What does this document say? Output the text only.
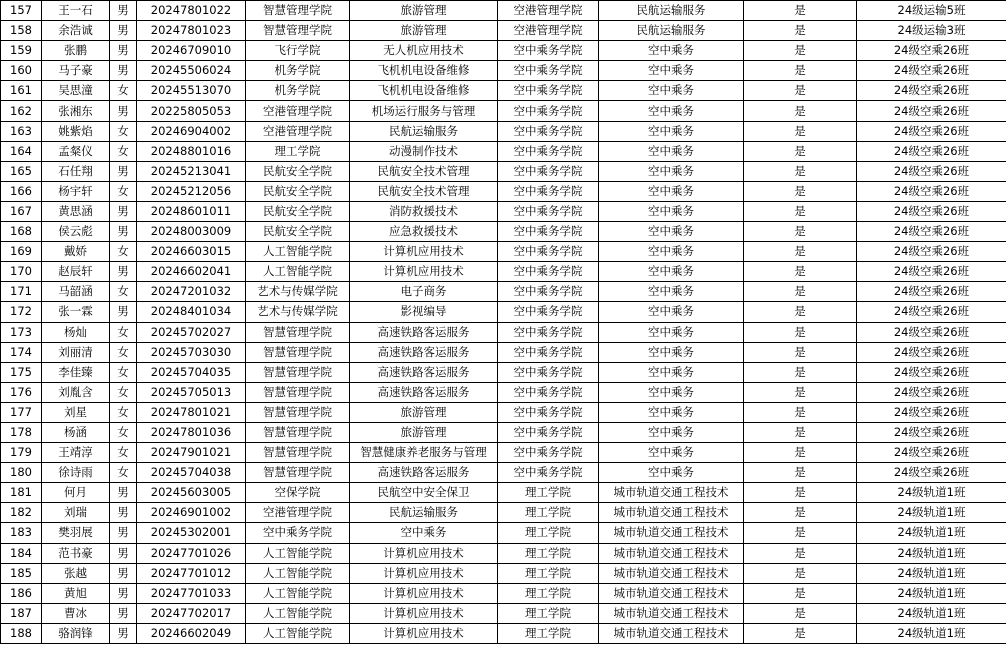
157	王一石	男	20247801022	智慧管理学院	旅游管理	空港管理学院	民航运输服务	是	24级运输5班
158	余浩诚	男	20247801023	智慧管理学院	旅游管理	空港管理学院	民航运输服务	是	24级运输3班
159	张鹏	男	20246709010	飞行学院	无人机应用技术	空中乘务学院	空中乘务	是	24级空乘26班
160	马子豪	男	20245506024	机务学院	飞机机电设备维修	空中乘务学院	空中乘务	是	24级空乘26班
161	吴思潼	女	20245513070	机务学院	飞机机电设备维修	空中乘务学院	空中乘务	是	24级空乘26班
162	张湘东	男	20225805053	空港管理学院	机场运行服务与管理	空中乘务学院	空中乘务	是	24级空乘26班
163	姚紫焰	女	20246904002	空港管理学院	民航运输服务	空中乘务学院	空中乘务	是	24级空乘26班
164	孟粲仪	女	20248801016	理工学院	动漫制作技术	空中乘务学院	空中乘务	是	24级空乘26班
165	石任翔	男	20245213041	民航安全学院	民航安全技术管理	空中乘务学院	空中乘务	是	24级空乘26班
166	杨宇轩	女	20245212056	民航安全学院	民航安全技术管理	空中乘务学院	空中乘务	是	24级空乘26班
167	黄思涵	男	20248601011	民航安全学院	消防救援技术	空中乘务学院	空中乘务	是	24级空乘26班
168	侯云彪	男	20248003009	民航安全学院	应急救援技术	空中乘务学院	空中乘务	是	24级空乘26班
169	戴娇	女	20246603015	人工智能学院	计算机应用技术	空中乘务学院	空中乘务	是	24级空乘26班
170	赵辰轩	男	20246602041	人工智能学院	计算机应用技术	空中乘务学院	空中乘务	是	24级空乘26班
171	马韶涵	女	20247201032	艺术与传媒学院	电子商务	空中乘务学院	空中乘务	是	24级空乘26班
172	张一霖	男	20248401034	艺术与传媒学院	影视编导	空中乘务学院	空中乘务	是	24级空乘26班
173	杨灿	女	20245702027	智慧管理学院	高速铁路客运服务	空中乘务学院	空中乘务	是	24级空乘26班
174	刘丽清	女	20245703030	智慧管理学院	高速铁路客运服务	空中乘务学院	空中乘务	是	24级空乘26班
175	李佳臻	女	20245704035	智慧管理学院	高速铁路客运服务	空中乘务学院	空中乘务	是	24级空乘26班
176	刘胤含	女	20245705013	智慧管理学院	高速铁路客运服务	空中乘务学院	空中乘务	是	24级空乘26班
177	刘星	女	20247801021	智慧管理学院	旅游管理	空中乘务学院	空中乘务	是	24级空乘26班
178	杨涵	女	20247801036	智慧管理学院	旅游管理	空中乘务学院	空中乘务	是	24级空乘26班
179	王靖淳	女	20247901021	智慧管理学院	智慧健康养老服务与管理	空中乘务学院	空中乘务	是	24级空乘26班
180	徐诗雨	女	20245704038	智慧管理学院	高速铁路客运服务	空中乘务学院	空中乘务	是	24级空乘26班
181	何月	男	20245603005	空保学院	民航空中安全保卫	理工学院	城市轨道交通工程技术	是	24级轨道1班
182	刘瑞	男	20246901002	空港管理学院	民航运输服务	理工学院	城市轨道交通工程技术	是	24级轨道1班
183	樊羽展	男	20245302001	空中乘务学院	空中乘务	理工学院	城市轨道交通工程技术	是	24级轨道1班
184	范书豪	男	20247701026	人工智能学院	计算机应用技术	理工学院	城市轨道交通工程技术	是	24级轨道1班
185	张越	男	20247701012	人工智能学院	计算机应用技术	理工学院	城市轨道交通工程技术	是	24级轨道1班
186	黄旭	男	20247701033	人工智能学院	计算机应用技术	理工学院	城市轨道交通工程技术	是	24级轨道1班
187	曹冰	男	20247702017	人工智能学院	计算机应用技术	理工学院	城市轨道交通工程技术	是	24级轨道1班
188	骆润锋	男	20246602049	人工智能学院	计算机应用技术	理工学院	城市轨道交通工程技术	是	24级轨道1班
